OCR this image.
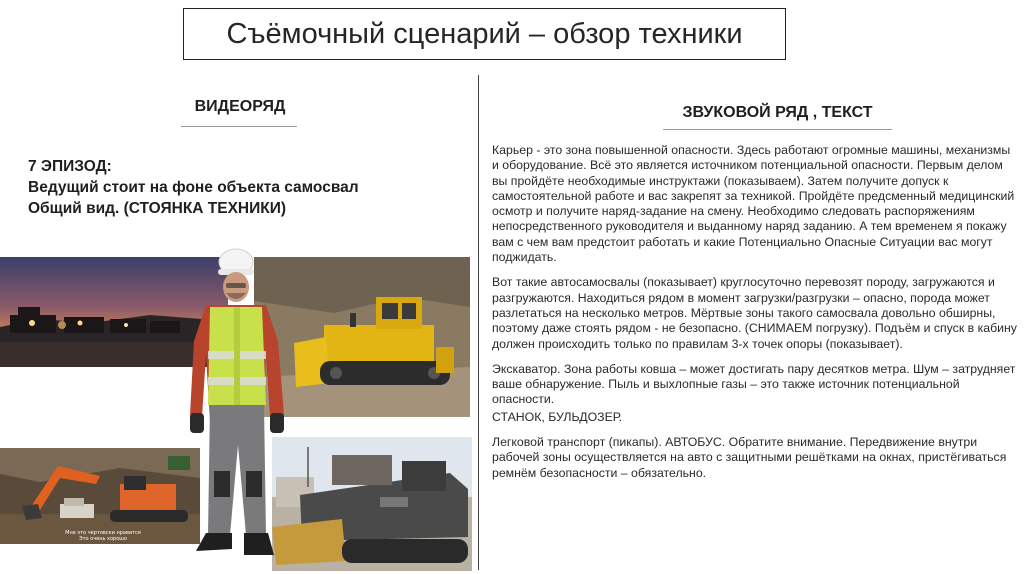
Съёмочный сценарий – обзор техники
ВИДЕОРЯД	ЗВУКОВОЙ РЯД , ТЕКСТ
7 ЭПИЗОД:
Ведущий стоит на фоне объекта самосвал
Общий вид. (СТОЯНКА ТЕХНИКИ)
Мне это чертовски нравится
Это очень хорошо

Карьер - это зона повышенной опасности. Здесь работают огромные машины, механизмы и оборудование. Всё это является источником потенциальной опасности. Первым делом вы пройдёте необходимые инструктажи (показываем). Затем получите допуск к самостоятельной работе и вас закрепят за техникой. Пройдёте предсменный медицинский осмотр и получите наряд-задание на смену. Необходимо следовать распоряжениям непосредственного руководителя и выданному наряд заданию. А тем временем я покажу вам с чем вам предстоит работать и какие Потенциально Опасные Ситуации вас могут поджидать.

Вот такие автосамосвалы (показывает) круглосуточно перевозят породу, загружаются и разгружаются. Находиться рядом в момент загрузки/разгрузки – опасно, порода может разлетаться на несколько метров. Мёртвые зоны такого самосвала довольно обширны, поэтому даже стоять рядом - не безопасно. (СНИМАЕМ погрузку). Подъём и спуск в кабину должен происходить только по правилам 3-х точек опоры (показывает).

Экскаватор. Зона работы ковша – может достигать пару десятков метра. Шум – затрудняет ваше обнаружение. Пыль и выхлопные газы – это также источник потенциальной опасности.

СТАНОК, БУЛЬДОЗЕР.

Легковой транспорт (пикапы). АВТОБУС. Обратите внимание. Передвижение внутри рабочей зоны осуществляется на авто с защитными решётками на окнах, пристёгиваться ремнём безопасности – обязательно.
